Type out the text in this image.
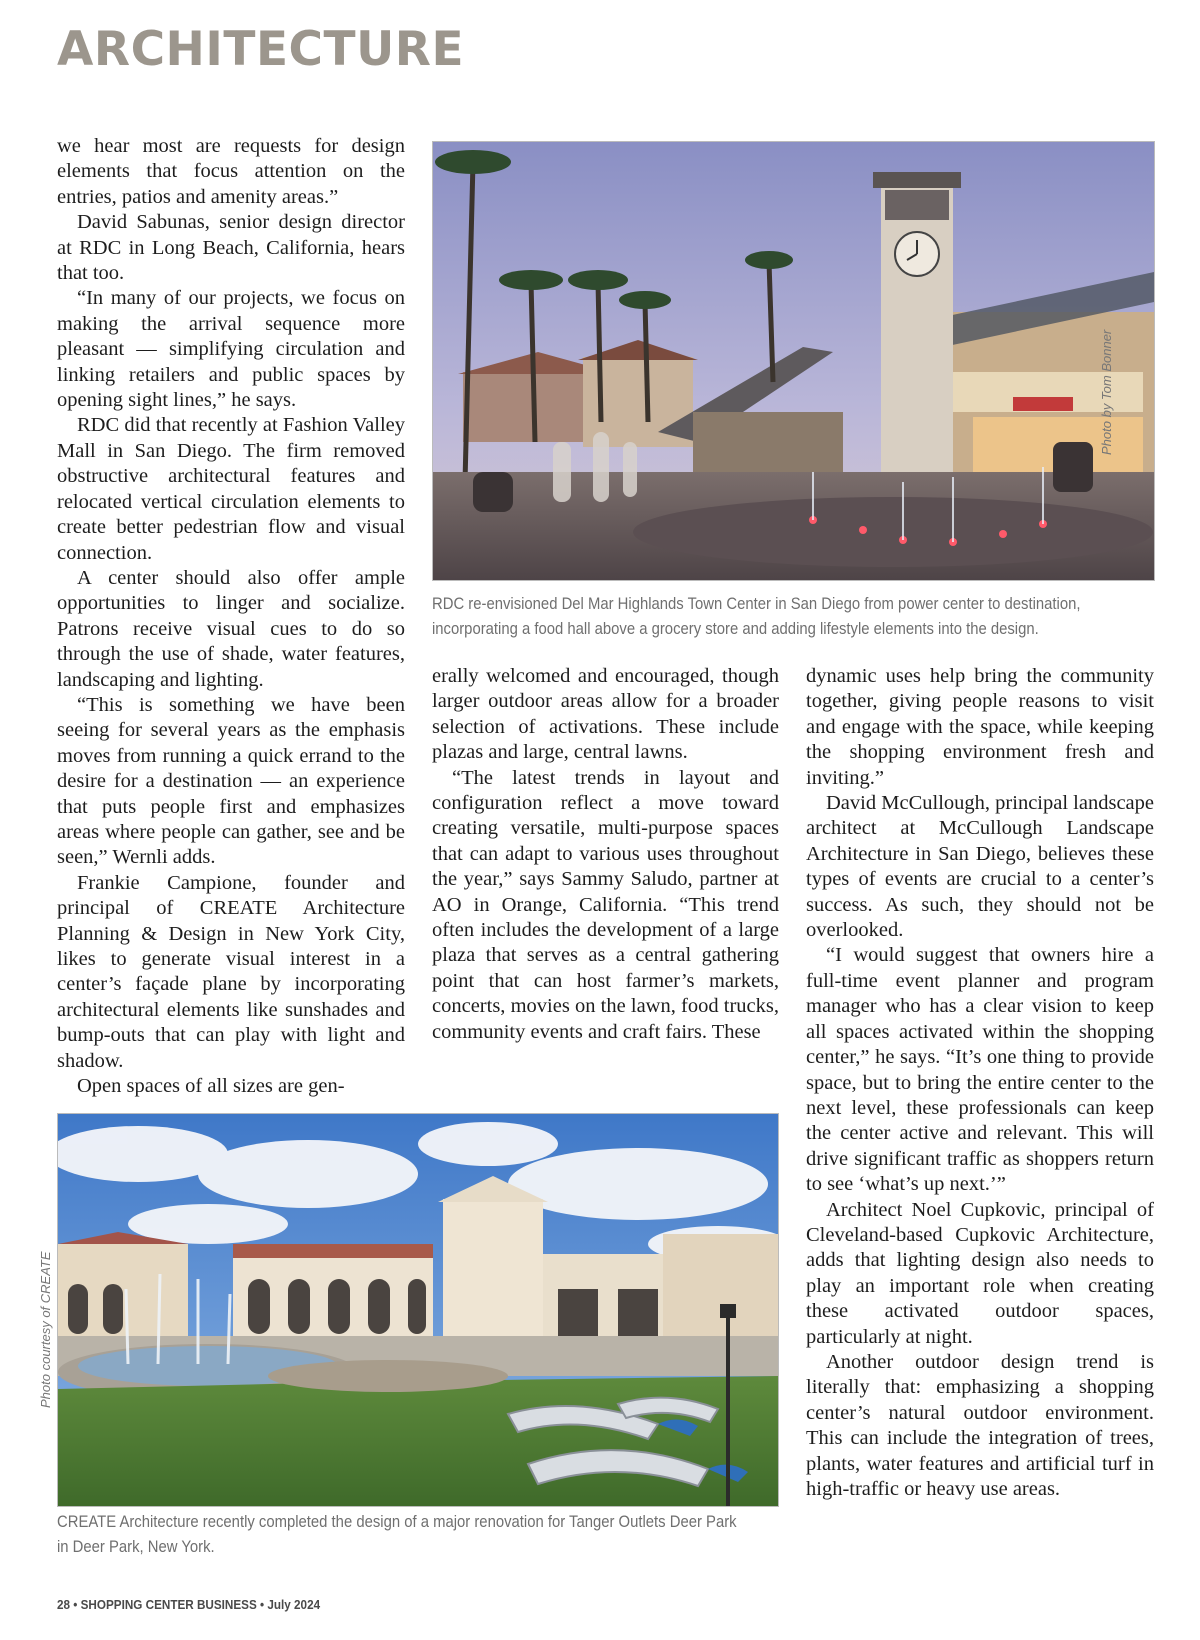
ARCHITECTURE

Photo by Tom Bonner

RDC re-envisioned Del Mar Highlands Town Center in San Diego from power center to destination,
incorporating a food hall above a grocery store and adding lifestyle elements into the design.

we hear most are requests for design elements that focus attention on the entries, patios and amenity areas.”

David Sabunas, senior design director at RDC in Long Beach, California, hears that too.

“In many of our projects, we focus on making the arrival sequence more pleasant — simplifying circulation and linking retailers and public spaces by opening sight lines,” he says.

RDC did that recently at Fashion Valley Mall in San Diego. The firm removed obstructive architectural features and relocated vertical circulation elements to create better pedestrian flow and visual connection.

A center should also offer ample opportunities to linger and socialize. Patrons receive visual cues to do so through the use of shade, water features, landscaping and lighting.

“This is something we have been seeing for several years as the emphasis moves from running a quick errand to the desire for a destination — an experience that puts people first and emphasizes areas where people can gather, see and be seen,” Wernli adds.

Frankie Campione, founder and principal of CREATE Architecture Planning & Design in New York City, likes to generate visual interest in a center’s façade plane by incorporating architectural elements like sunshades and bump-outs that can play with light and shadow.

Open spaces of all sizes are gen-

erally welcomed and encouraged, though larger outdoor areas allow for a broader selection of activations. These include plazas and large, central lawns.

“The latest trends in layout and configuration reflect a move toward creating versatile, multi-purpose spaces that can adapt to various uses throughout the year,” says Sammy Saludo, partner at AO in Orange, California. “This trend often includes the development of a large plaza that serves as a central gathering point that can host farmer’s markets, concerts, movies on the lawn, food trucks, community events and craft fairs. These

dynamic uses help bring the community together, giving people reasons to visit and engage with the space, while keeping the shopping environment fresh and inviting.”

David McCullough, principal landscape architect at McCullough Landscape Architecture in San Diego, believes these types of events are crucial to a center’s success. As such, they should not be overlooked.

“I would suggest that owners hire a full-time event planner and program manager who has a clear vision to keep all spaces activated within the shopping center,” he says. “It’s one thing to provide space, but to bring the entire center to the next level, these professionals can keep the center active and relevant. This will drive significant traffic as shoppers return to see ‘what’s up next.’”

Architect Noel Cupkovic, principal of Cleveland-based Cupkovic Architecture, adds that lighting design also needs to play an important role when creating these activated outdoor spaces, particularly at night.

Another outdoor design trend is literally that: emphasizing a shopping center’s natural outdoor environment. This can include the integration of trees, plants, water features and artificial turf in high-traffic or heavy use areas.

Photo courtesy of CREATE

CREATE Architecture recently completed the design of a major renovation for Tanger Outlets Deer Park
in Deer Park, New York.

28 • SHOPPING CENTER BUSINESS • July 2024
